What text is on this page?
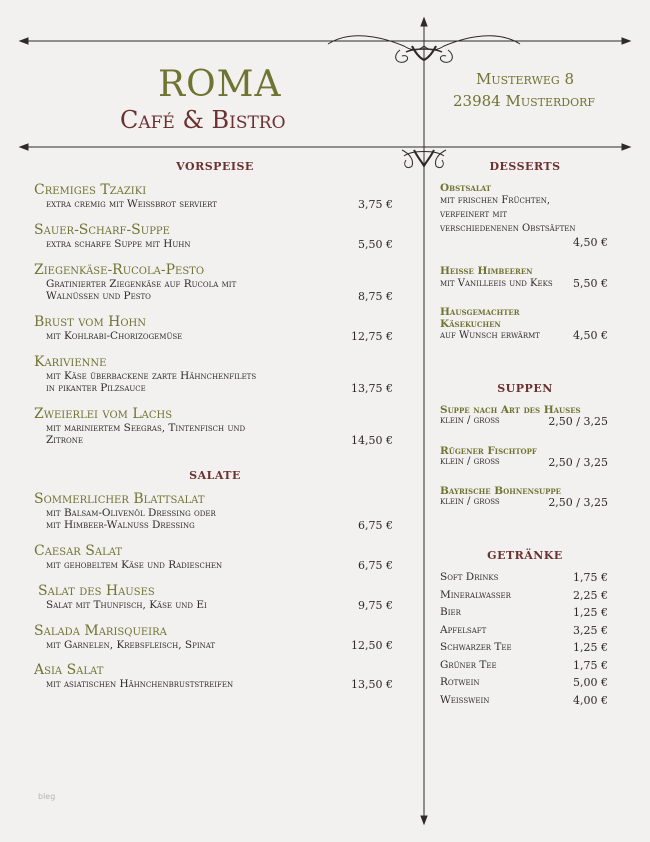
ROMA
Café & Bistro
Musterweg 8
23984 Musterdorf
VORSPEISE
Cremiges Tzaziki
extra cremig mit Weissbrot serviert	3,75 €
Sauer-Scharf-Suppe
extra scharfe Suppe mit Huhn	5,50 €
Ziegenkäse-Rucola-Pesto
Gratinierter Ziegenkäse auf Rucola mit
Walnüssen und Pesto	8,75 €
Brust vom Hohn
mit Kohlrabi-Chorizogemüse	12,75 €
Karivienne
mit Käse überbackene zarte Hähnchenfilets
in pikanter Pilzsauce	13,75 €
Zweierlei vom Lachs
mit mariniertem Seegras, Tintenfisch und
Zitrone	14,50 €
SALATE
Sommerlicher Blattsalat
mit Balsam-Olivenöl Dressing oder
mit Himbeer-Walnuss Dressing	6,75 €
Caesar Salat
mit gehobeltem Käse und Radieschen	6,75 €
Salat des Hauses
Salat mit Thunfisch, Käse und Ei	9,75 €
Salada Marisqueira
mit Garnelen, Krebsfleisch, Spinat	12,50 €
Asia Salat
mit asiatischen Hähnchenbruststreifen	13,50 €
DESSERTS
Obstsalat
mit frischen Früchten,
verfeinert mit
verschiedenenen Obstsäften
4,50 €
Heisse Himbeeren
mit Vanilleeis und Keks	5,50 €
Hausgemachter
Käsekuchen
auf Wunsch erwärmt	4,50 €
SUPPEN
Suppe nach Art des Hauses
klein / gross	2,50 / 3,25
Rügener Fischtopf
klein / gross	2,50 / 3,25
Bayrische Bohnensuppe
klein / gross	2,50 / 3,25
GETRÄNKE
Soft Drinks	1,75 €
Mineralwasser	2,25 €
Bier	1,25 €
Apfelsaft	3,25 €
Schwarzer Tee	1,25 €
Grüner Tee	1,75 €
Rotwein	5,00 €
Weisswein	4,00 €
bleg
